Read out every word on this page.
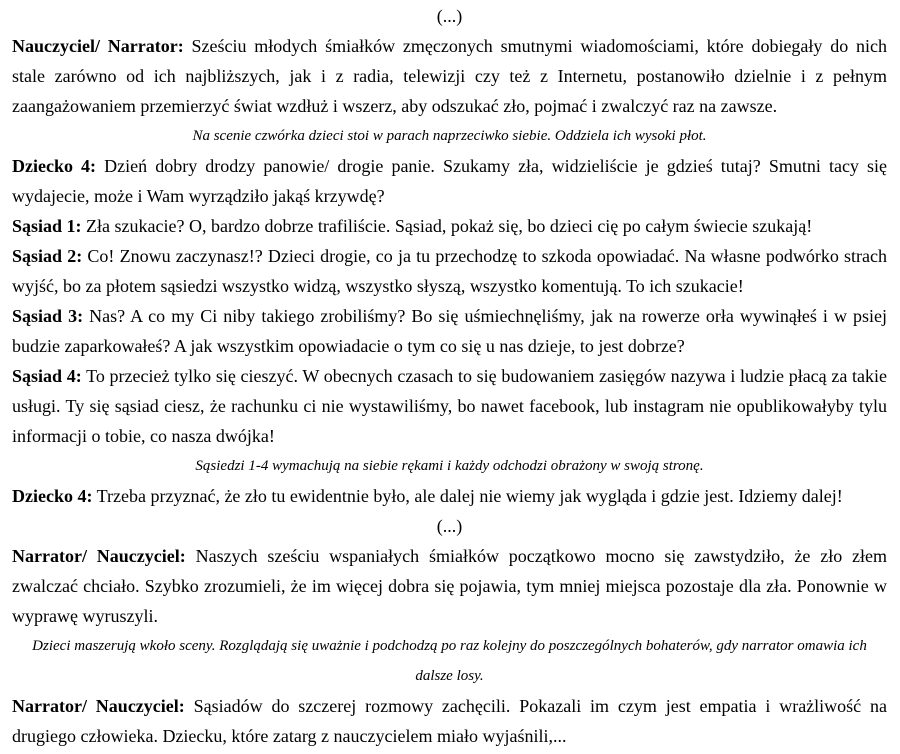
(...)

Nauczyciel/ Narrator: Sześciu młodych śmiałków zmęczonych smutnymi wiadomościami, które dobiegały do nich stale zarówno od ich najbliższych, jak i z radia, telewizji czy też z Internetu, postanowiło dzielnie i z pełnym zaangażowaniem przemierzyć świat wzdłuż i wszerz, aby odszukać zło, pojmać i zwalczyć raz na zawsze.

Na scenie czwórka dzieci stoi w parach naprzeciwko siebie. Oddziela ich wysoki płot.

Dziecko 4: Dzień dobry drodzy panowie/ drogie panie. Szukamy zła, widzieliście je gdzieś tutaj? Smutni tacy się wydajecie, może i Wam wyrządziło jakąś krzywdę?

Sąsiad 1: Zła szukacie? O, bardzo dobrze trafiliście. Sąsiad, pokaż się, bo dzieci cię po całym świecie szukają!

Sąsiad 2: Co! Znowu zaczynasz!? Dzieci drogie, co ja tu przechodzę to szkoda opowiadać. Na własne podwórko strach wyjść, bo za płotem sąsiedzi wszystko widzą, wszystko słyszą, wszystko komentują. To ich szukacie!

Sąsiad 3: Nas? A co my Ci niby takiego zrobiliśmy? Bo się uśmiechnęliśmy, jak na rowerze orła wywinąłeś i w psiej budzie zaparkowałeś? A jak wszystkim opowiadacie o tym co się u nas dzieje, to jest dobrze?

Sąsiad 4: To przecież tylko się cieszyć. W obecnych czasach to się budowaniem zasięgów nazywa i ludzie płacą za takie usługi. Ty się sąsiad ciesz, że rachunku ci nie wystawiliśmy, bo nawet facebook, lub instagram nie opublikowałyby tylu informacji o tobie, co nasza dwójka!

Sąsiedzi 1-4 wymachują na siebie rękami i każdy odchodzi obrażony w swoją stronę.

Dziecko 4: Trzeba przyznać, że zło tu ewidentnie było, ale dalej nie wiemy jak wygląda i gdzie jest. Idziemy dalej!

(...)

Narrator/ Nauczyciel: Naszych sześciu wspaniałych śmiałków początkowo mocno się zawstydziło, że zło złem zwalczać chciało. Szybko zrozumieli, że im więcej dobra się pojawia, tym mniej miejsca pozostaje dla zła. Ponownie w wyprawę wyruszyli.

Dzieci maszerują wkoło sceny. Rozglądają się uważnie i podchodzą po raz kolejny do poszczególnych bohaterów, gdy narrator omawia ich dalsze losy.

Narrator/ Nauczyciel: Sąsiadów do szczerej rozmowy zachęcili. Pokazali im czym jest empatia i wrażliwość na drugiego człowieka. Dziecku, które zatarg z nauczycielem miało wyjaśnili,...
